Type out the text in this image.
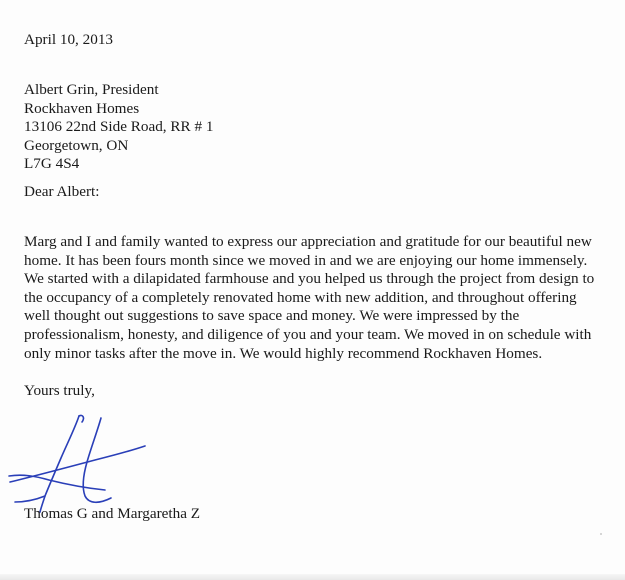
April 10, 2013
Albert Grin, President
Rockhaven Homes
13106 22nd Side Road, RR # 1
Georgetown, ON
L7G 4S4
Dear Albert:
Marg and I and family wanted to express our appreciation and gratitude for our beautiful new
home. It has been fours month since we moved in and we are enjoying our home immensely.
We started with a dilapidated farmhouse and you helped us through the project from design to
the occupancy of a completely renovated home with new addition, and throughout offering
well thought out suggestions to save space and money. We were impressed by the
professionalism, honesty, and diligence of you and your team. We moved in on schedule with
only minor tasks after the move in. We would highly recommend Rockhaven Homes.
Yours truly,
Thomas G and Margaretha Z
